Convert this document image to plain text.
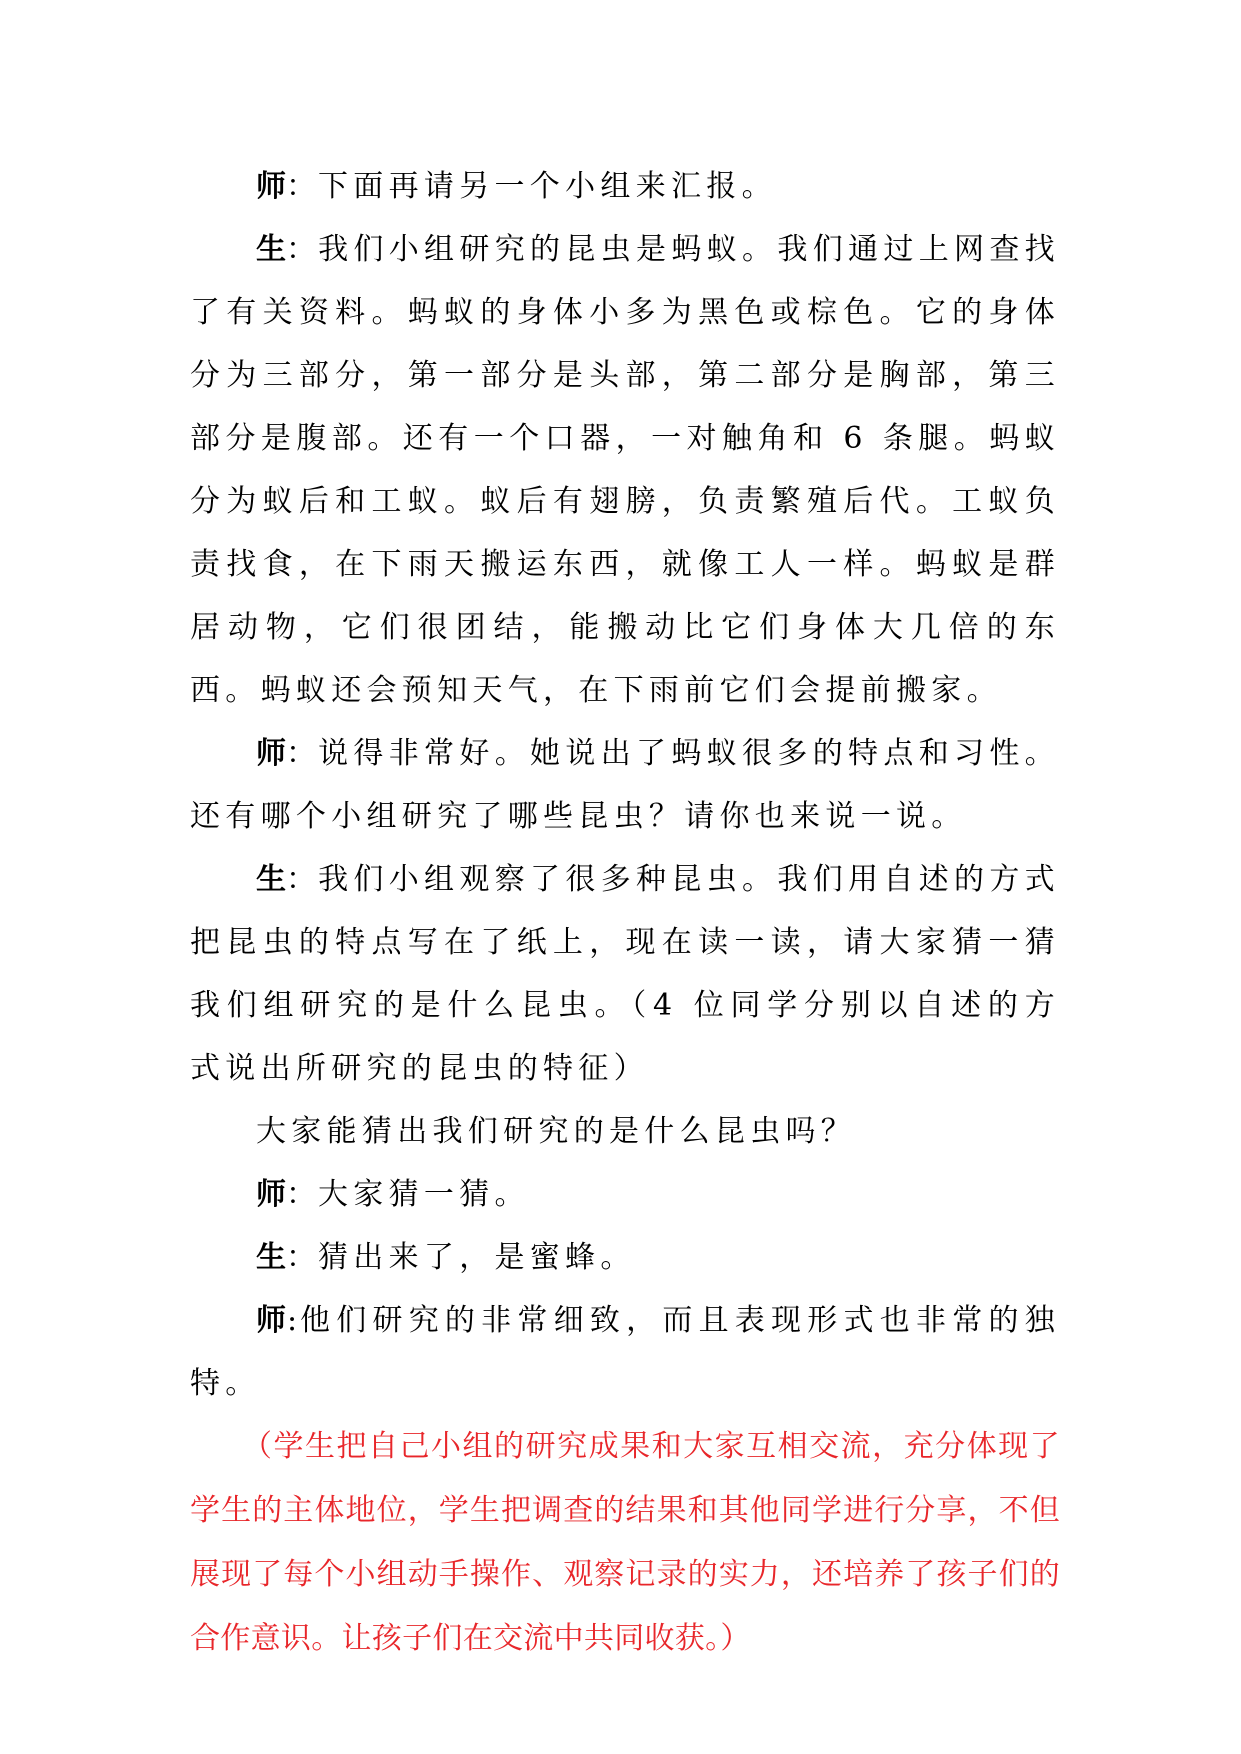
师：下面再请另一个小组来汇报。

生：我们小组研究的昆虫是蚂蚁。我们通过上网查找了有关资料。蚂蚁的身体小多为黑色或棕色。它的身体分为三部分，第一部分是头部，第二部分是胸部，第三部分是腹部。还有一个口器，一对触角和 6 条腿。蚂蚁分为蚁后和工蚁。蚁后有翅膀，负责繁殖后代。工蚁负责找食，在下雨天搬运东西，就像工人一样。蚂蚁是群居动物，它们很团结，能搬动比它们身体大几倍的东西。蚂蚁还会预知天气，在下雨前它们会提前搬家。

师：说得非常好。她说出了蚂蚁很多的特点和习性。还有哪个小组研究了哪些昆虫？请你也来说一说。

生：我们小组观察了很多种昆虫。我们用自述的方式把昆虫的特点写在了纸上，现在读一读，请大家猜一猜我们组研究的是什么昆虫。（4 位同学分别以自述的方式说出所研究的昆虫的特征）

大家能猜出我们研究的是什么昆虫吗？

师：大家猜一猜。

生：猜出来了，是蜜蜂。

师:他们研究的非常细致，而且表现形式也非常的独特。

（学生把自己小组的研究成果和大家互相交流，充分体现了学生的主体地位，学生把调查的结果和其他同学进行分享，不但展现了每个小组动手操作、观察记录的实力，还培养了孩子们的合作意识。让孩子们在交流中共同收获。）
